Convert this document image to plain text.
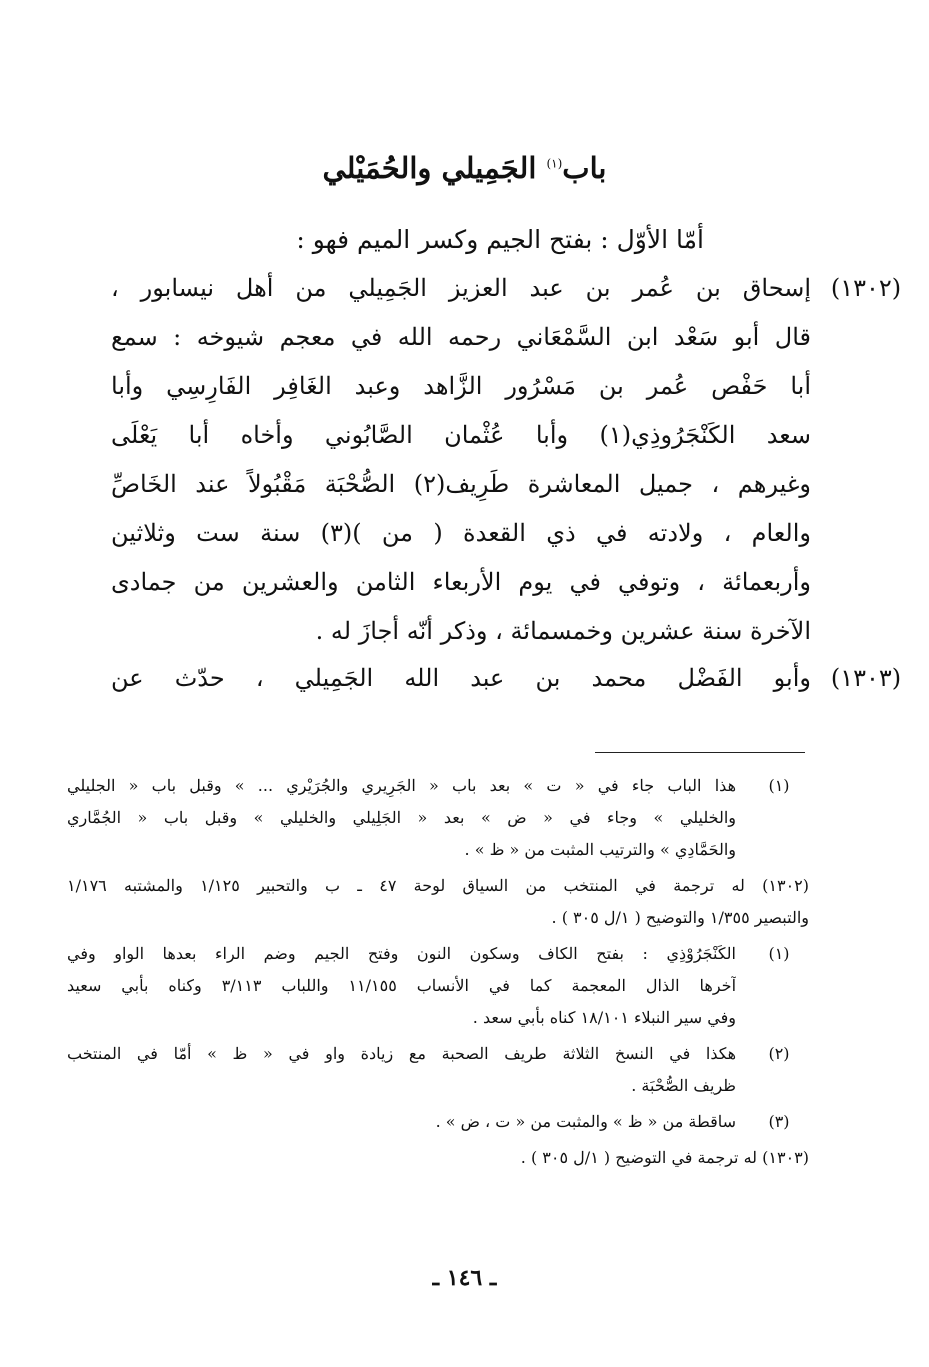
باب$^{(١)}$ الجَمِيلي والحُمَيْلي
أمّا الأوّل : بفتح الجيم وكسر الميم فهو :
(١٣٠٢)
إسحاق بن عُمر بن عبد العزيز الجَمِيلي من أهل نيسابور ،
قال أبو سَعْد ابن السَّمْعَاني رحمه الله في معجم شيوخه : سمع
أبا حَفْص عُمر بن مَسْرُور الزَّاهد وعبد الغَافِر الفَارِسِي وأبا
سعد الكَنْجَرُوذِي(١) وأبا عُثْمان الصَّابُوني وأخاه أبا يَعْلَى
وغيرهم ، جميل المعاشرة طَرِيف(٢) الصُّحْبَة مَقْبُولاً عند الخَاصِّ
والعام ، ولادته في ذي القعدة ( من )(٣) سنة ست وثلاثين
وأربعمائة ، وتوفي في يوم الأربعاء الثامن والعشرين من جمادى
الآخرة سنة عشرين وخمسمائة ، وذكر أنّه أجازَ له .
(١٣٠٣)
وأبو الفَضْل محمد بن عبد الله الجَمِيلي ، حدّث عن
(١)
هذا الباب جاء في « ت » بعد باب « الجَرِيري والجُرَيْري ... » وقبل باب « الجليلي
والخليلي » وجاء في « ض » بعد « الجَلِيلي والخليلي » وقبل باب « الجُمَّاري
والحَمَّادِي » والترتيب المثبت من « ظ » .
(١٣٠٢) له ترجمة في المنتخب من السياق لوحة ٤٧ ـ ب والتحبير ١/١٢٥ والمشتبه ١/١٧٦
والتبصير ١/٣٥٥ والتوضيح ( ١/ل ٣٠٥ ) .
(١)
الكَنْجَرُوْذِي : بفتح الكاف وسكون النون وفتح الجيم وضم الراء بعدها الواو وفي
آخرها الذال المعجمة كما في الأنساب ١١/١٥٥ واللباب ٣/١١٣ وكناه بأبي سعيد
وفي سير النبلاء ١٨/١٠١ كناه بأبي سعد .
(٢)
هكذا في النسخ الثلاثة طريف الصحبة مع زيادة واو في « ظ » أمّا في المنتخب
ظريف الصُّحْبَة .
(٣)
ساقطة من « ظ » والمثبت من « ت ، ض » .
(١٣٠٣) له ترجمة في التوضيح ( ١/ل ٣٠٥ ) .
ـ ١٤٦ ـ
